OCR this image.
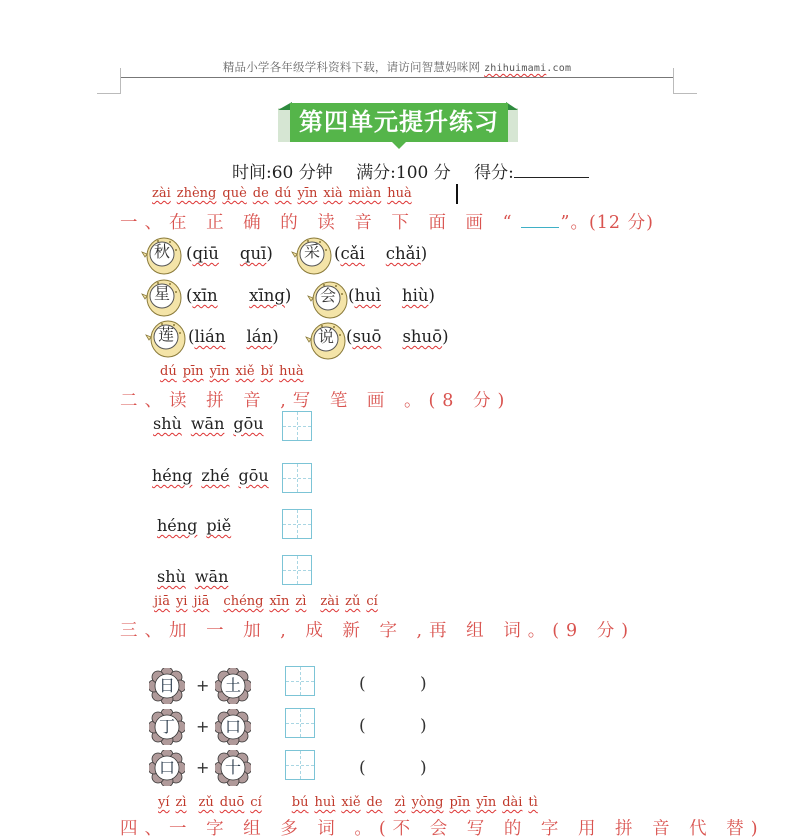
精品小学各年级学科资料下载，请访问智慧妈咪网 zhihuimami.com
第四单元提升练习
时间:60 分钟 满分:100 分 得分:
zài zhèng què de dú yīn xià miàn huà
一、在 正 确 的 读 音 下 面 画 “ ”。(12 分)
秋 (qiū quī)	采 (cǎi chǎi)
星 (xīn xīng)	会 (huì hiù)
莲 (lián lán)	说 (suō shuō)
dú pīn yīn xiě bǐ huà
二、读 拼 音 ,写 笔 画 。(8 分)
shù wān gōu
héng zhé gōu
héng piě
shù wān
jiā yi jiā chéng xīn zì zài zǔ cí
三、加 一 加 , 成 新 字 ,再 组 词。(9 分)
日	+ 土	(	)
丁	+ 口	(	)
口	+ 十	(	)
yí zì zǔ duō cí bú huì xiě de zì yòng pīn yīn dài tì
四、一 字 组 多 词 。(不 会 写 的 字 用 拼 音 代 替)
